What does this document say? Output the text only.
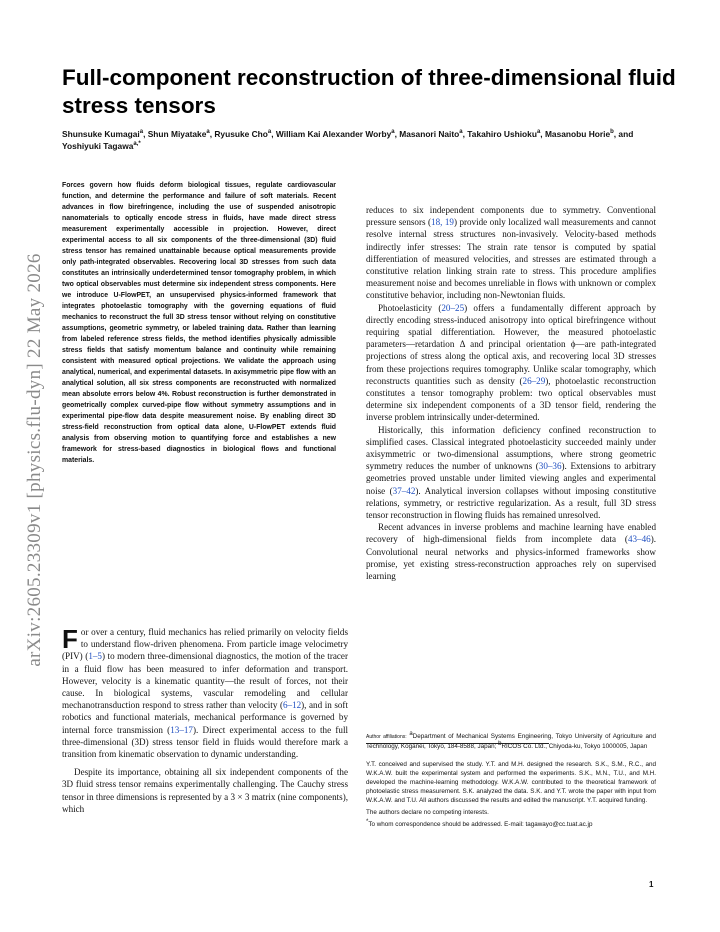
arXiv:2605.23309v1 [physics.flu-dyn] 22 May 2026
Full-component reconstruction of three-dimensional fluid stress tensors

Shunsuke Kumagai$^a$, Shun Miyatake$^a$, Ryusuke Cho$^a$, William Kai Alexander Worby$^a$, Masanori Naito$^a$, Takahiro Ushioku$^a$, Masanobu Horie$^b$, and Yoshiyuki Tagawa$^{a,*}$

Forces govern how fluids deform biological tissues, regulate cardiovascular function, and determine the performance and failure of soft materials. Recent advances in flow birefringence, including the use of suspended anisotropic nanomaterials to optically encode stress in fluids, have made direct stress measurement experimentally accessible in projection. However, direct experimental access to all six components of the three-dimensional (3D) fluid stress tensor has remained unattainable because optical measurements provide only path-integrated observables. Recovering local 3D stresses from such data constitutes an intrinsically underdetermined tensor tomography problem, in which two optical observables must determine six independent stress components. Here we introduce U-FlowPET, an unsupervised physics-informed framework that integrates photoelastic tomography with the governing equations of fluid mechanics to reconstruct the full 3D stress tensor without relying on constitutive assumptions, geometric symmetry, or labeled training data. Rather than learning from labeled reference stress fields, the method identifies physically admissible stress fields that satisfy momentum balance and continuity while remaining consistent with measured optical projections. We validate the approach using analytical, numerical, and experimental datasets. In axisymmetric pipe flow with an analytical solution, all six stress components are reconstructed with normalized mean absolute errors below 4%. Robust reconstruction is further demonstrated in geometrically complex curved-pipe flow without symmetry assumptions and in experimental pipe-flow data despite measurement noise. By enabling direct 3D stress-field reconstruction from optical data alone, U-FlowPET extends fluid analysis from observing motion to quantifying force and establishes a new framework for stress-based diagnostics in biological flows and functional materials.

For over a century, fluid mechanics has relied primarily on velocity fields to understand flow-driven phenomena. From particle image velocimetry (PIV) (1–5) to modern three-dimensional diagnostics, the motion of the tracer in a fluid flow has been measured to infer deformation and transport. However, velocity is a kinematic quantity—the result of forces, not their cause. In biological systems, vascular remodeling and cellular mechanotransduction respond to stress rather than velocity (6–12), and in soft robotics and functional materials, mechanical performance is governed by internal force transmission (13–17). Direct experimental access to the full three-dimensional (3D) stress tensor field in fluids would therefore mark a transition from kinematic observation to dynamic understanding.

Despite its importance, obtaining all six independent components of the 3D fluid stress tensor remains experimentally challenging. The Cauchy stress tensor in three dimensions is represented by a 3 × 3 matrix (nine components), which

reduces to six independent components due to symmetry. Conventional pressure sensors (18, 19) provide only localized wall measurements and cannot resolve internal stress structures non-invasively. Velocity-based methods indirectly infer stresses: The strain rate tensor is computed by spatial differentiation of measured velocities, and stresses are estimated through a constitutive relation linking strain rate to stress. This procedure amplifies measurement noise and becomes unreliable in flows with unknown or complex constitutive behavior, including non-Newtonian fluids.

Photoelasticity (20–25) offers a fundamentally different approach by directly encoding stress-induced anisotropy into optical birefringence without requiring spatial differentiation. However, the measured photoelastic parameters—retardation Δ and principal orientation ϕ—are path-integrated projections of stress along the optical axis, and recovering local 3D stresses from these projections requires tomography. Unlike scalar tomography, which reconstructs quantities such as density (26–29), photoelastic reconstruction constitutes a tensor tomography problem: two optical observables must determine six independent components of a 3D tensor field, rendering the inverse problem intrinsically under-determined.

Historically, this information deficiency confined reconstruction to simplified cases. Classical integrated photoelasticity succeeded mainly under axisymmetric or two-dimensional assumptions, where strong geometric symmetry reduces the number of unknowns (30–36). Extensions to arbitrary geometries proved unstable under limited viewing angles and experimental noise (37–42). Analytical inversion collapses without imposing constitutive relations, symmetry, or restrictive regularization. As a result, full 3D stress tensor reconstruction in flowing fluids has remained unresolved.

Recent advances in inverse problems and machine learning have enabled recovery of high-dimensional fields from incomplete data (43–46). Convolutional neural networks and physics-informed frameworks show promise, yet existing stress-reconstruction approaches rely on supervised learning

Author affiliations: $^a$Department of Mechanical Systems Engineering, Tokyo University of Agriculture and Technology, Koganei, Tokyo, 184-8588, Japan; $^b$RICOS Co. Ltd., Chiyoda-ku, Tokyo 1000005, Japan

Y.T. conceived and supervised the study. Y.T. and M.H. designed the research. S.K., S.M., R.C., and W.K.A.W. built the experimental system and performed the experiments. S.K., M.N., T.U., and M.H. developed the machine-learning methodology. W.K.A.W. contributed to the theoretical framework of photoelastic stress measurement. S.K. analyzed the data. S.K. and Y.T. wrote the paper with input from W.K.A.W. and T.U. All authors discussed the results and edited the manuscript. Y.T. acquired funding.

The authors declare no competing interests.

*To whom correspondence should be addressed. E-mail: tagawayo@cc.tuat.ac.jp

1
